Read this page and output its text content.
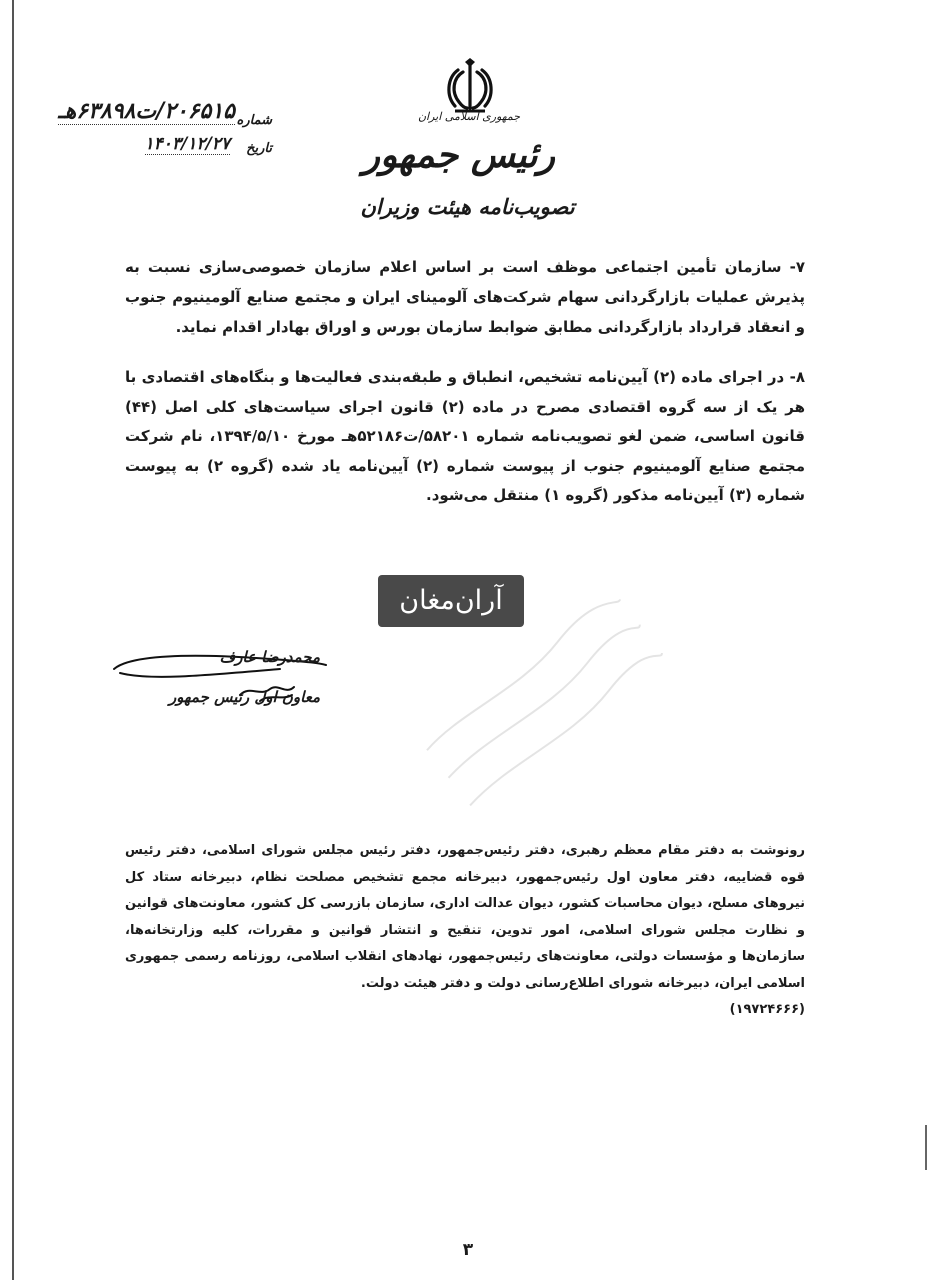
جمهوری اسلامی ایران
رئیس جمهور
تصویب‌نامه هیئت وزیران
شماره
۲۰۶۵۱۵/ت۶۳۸۹۸هـ
تاریخ
۱۴۰۳/۱۲/۲۷
۷- سازمان تأمین اجتماعی موظف است بر اساس اعلام سازمان خصوصی‌سازی نسبت به پذیرش عملیات بازارگردانی سهام شرکت‌های آلومینای ایران و مجتمع صنایع آلومینیوم جنوب و انعقاد قرارداد بازارگردانی مطابق ضوابط سازمان بورس و اوراق بهادار اقدام نماید.
۸- در اجرای ماده (۲) آیین‌نامه تشخیص، انطباق و طبقه‌بندی فعالیت‌ها و بنگاه‌های اقتصادی با هر یک از سه گروه اقتصادی مصرح در ماده (۲) قانون اجرای سیاست‌های کلی اصل (۴۴) قانون اساسی، ضمن لغو تصویب‌نامه شماره ۵۸۲۰۱/ت۵۲۱۸۶هـ مورخ ۱۳۹۴/۵/۱۰، نام شرکت مجتمع صنایع آلومینیوم جنوب از پیوست شماره (۲) آیین‌نامه یاد شده (گروه ۲) به پیوست شماره (۳) آیین‌نامه مذکور (گروه ۱) منتقل می‌شود.
آران‌مغان
محمدرضا عارف
معاون اول رئیس جمهور
رونوشت به دفتر مقام معظم رهبری، دفتر رئیس‌جمهور، دفتر رئیس مجلس شورای اسلامی، دفتر رئیس قوه قضاییه، دفتر معاون اول رئیس‌جمهور، دبیرخانه مجمع تشخیص مصلحت نظام، دبیرخانه ستاد کل نیروهای مسلح، دیوان محاسبات کشور، دیوان عدالت اداری، سازمان بازرسی کل کشور، معاونت‌های قوانین و نظارت مجلس شورای اسلامی، امور تدوین، تنقیح و انتشار قوانین و مقررات، کلیه وزارتخانه‌ها، سازمان‌ها و مؤسسات دولتی، معاونت‌های رئیس‌جمهور، نهادهای انقلاب اسلامی، روزنامه رسمی جمهوری اسلامی ایران، دبیرخانه شورای اطلاع‌رسانی دولت و دفتر هیئت دولت.
(۱۹۷۲۴۶۶۶)
۳
